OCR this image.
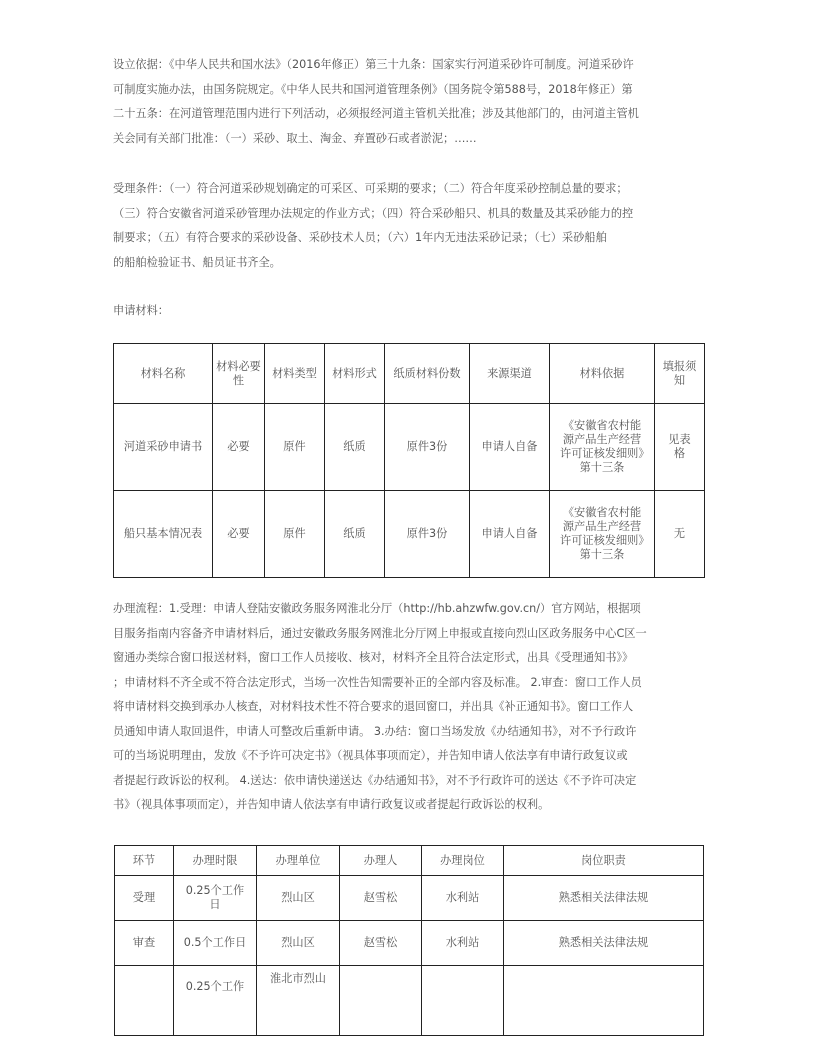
设立依据：《中华人民共和国水法》（2016年修正）第三十九条：国家实行河道采砂许可制度。河道采砂许
可制度实施办法，由国务院规定。《中华人民共和国河道管理条例》（国务院令第588号，2018年修正）第
二十五条：在河道管理范围内进行下列活动，必须报经河道主管机关批准；涉及其他部门的，由河道主管机
关会同有关部门批准：（一）采砂、取土、淘金、弃置砂石或者淤泥；……

受理条件：（一）符合河道采砂规划确定的可采区、可采期的要求；（二）符合年度采砂控制总量的要求；
（三）符合安徽省河道采砂管理办法规定的作业方式；（四）符合采砂船只、机具的数量及其采砂能力的控
制要求；（五）有符合要求的采砂设备、采砂技术人员；（六）1年内无违法采砂记录；（七）采砂船舶
的船舶检验证书、船员证书齐全。

申请材料：

材料名称	材料必要性	材料类型	材料形式	纸质材料份数	来源渠道	材料依据	填报须知
河道采砂申请书	必要	原件	纸质	原件3份	申请人自备	《安徽省农村能源产品生产经营许可证核发细则》第十三条	见表格
船只基本情况表	必要	原件	纸质	原件3份	申请人自备	《安徽省农村能源产品生产经营许可证核发细则》第十三条	无

办理流程：1.受理：申请人登陆安徽政务服务网淮北分厅（http://hb.ahzwfw.gov.cn/）官方网站，根据项
目服务指南内容备齐申请材料后，通过安徽政务服务网淮北分厅网上申报或直接向烈山区政务服务中心C区一
窗通办类综合窗口报送材料，窗口工作人员接收、核对，材料齐全且符合法定形式，出具《受理通知书》》
；申请材料不齐全或不符合法定形式，当场一次性告知需要补正的全部内容及标准。 2.审查：窗口工作人员
将申请材料交换到承办人核查，对材料技术性不符合要求的退回窗口，并出具《补正通知书》。窗口工作人
员通知申请人取回退件，申请人可整改后重新申请。 3.办结：窗口当场发放《办结通知书》，对不予行政许
可的当场说明理由，发放《不予许可决定书》（视具体事项而定），并告知申请人依法享有申请行政复议或
者提起行政诉讼的权利。 4.送达：依申请快递送达《办结通知书》，对不予行政许可的送达《不予许可决定
书》（视具体事项而定），并告知申请人依法享有申请行政复议或者提起行政诉讼的权利。

环节	办理时限	办理单位	办理人	办理岗位	岗位职责
受理	0.25个工作日	烈山区	赵雪松	水利站	熟悉相关法律法规
审查	0.5个工作日	烈山区	赵雪松	水利站	熟悉相关法律法规
	0.25个工作	淮北市烈山			
